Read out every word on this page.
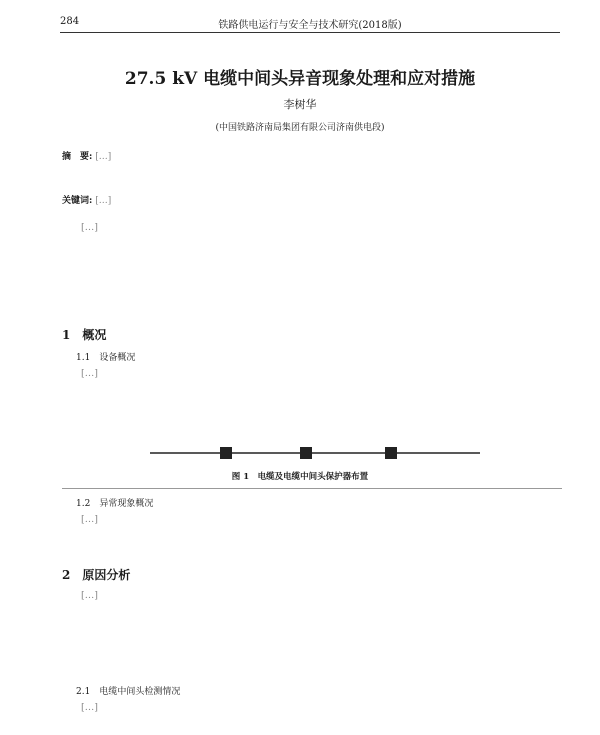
284	铁路供电运行与安全与技术研究(2018版)
27.5 kV 电缆中间头异音现象处理和应对措施
李树华
(中国铁路济南局集团有限公司济南供电段)
摘　要: […]
关键词: […]

[…]

1　概况
1.1　设备概况

[…]

图 1　电缆及电缆中间头保护器布置
1.2　异常现象概况

[…]

2　原因分析

[…]

2.1　电缆中间头检测情况

[…]
